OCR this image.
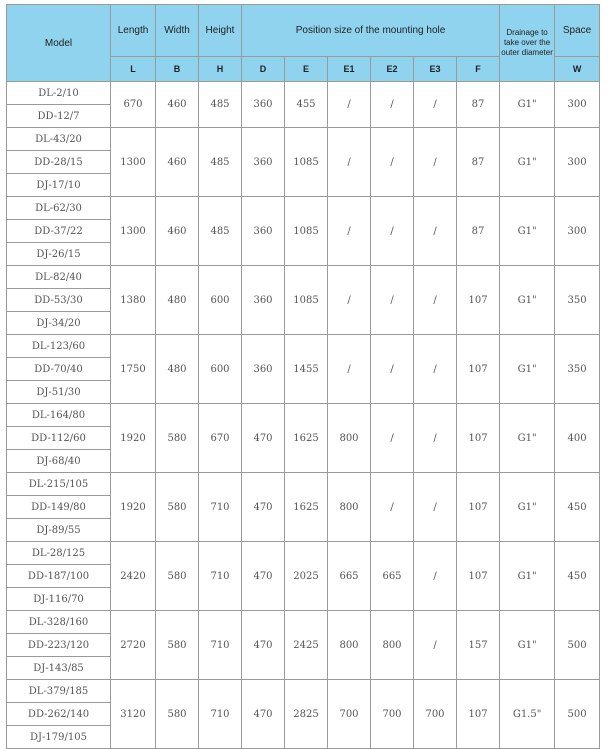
Model	Length	Width	Height	Position size of the mounting hole						Drainage to take over the outer diameter	Space
	L	B	H	D	E	E1	E2	E3	F		W
DL-2/10	670	460	485	360	455	/	/	/	87	G1"	300
DD-12/7											
DL-43/20	1300	460	485	360	1085	/	/	/	87	G1"	300
DD-28/15											
DJ-17/10											
DL-62/30	1300	460	485	360	1085	/	/	/	87	G1"	300
DD-37/22											
DJ-26/15											
DL-82/40	1380	480	600	360	1085	/	/	/	107	G1"	350
DD-53/30											
DJ-34/20											
DL-123/60	1750	480	600	360	1455	/	/	/	107	G1"	350
DD-70/40											
DJ-51/30											
DL-164/80	1920	580	670	470	1625	800	/	/	107	G1"	400
DD-112/60											
DJ-68/40											
DL-215/105	1920	580	710	470	1625	800	/	/	107	G1"	450
DD-149/80											
DJ-89/55											
DL-28/125	2420	580	710	470	2025	665	665	/	107	G1"	450
DD-187/100											
DJ-116/70											
DL-328/160	2720	580	710	470	2425	800	800	/	157	G1"	500
DD-223/120											
DJ-143/85											
DL-379/185	3120	580	710	470	2825	700	700	700	107	G1.5"	500
DD-262/140											
DJ-179/105											
